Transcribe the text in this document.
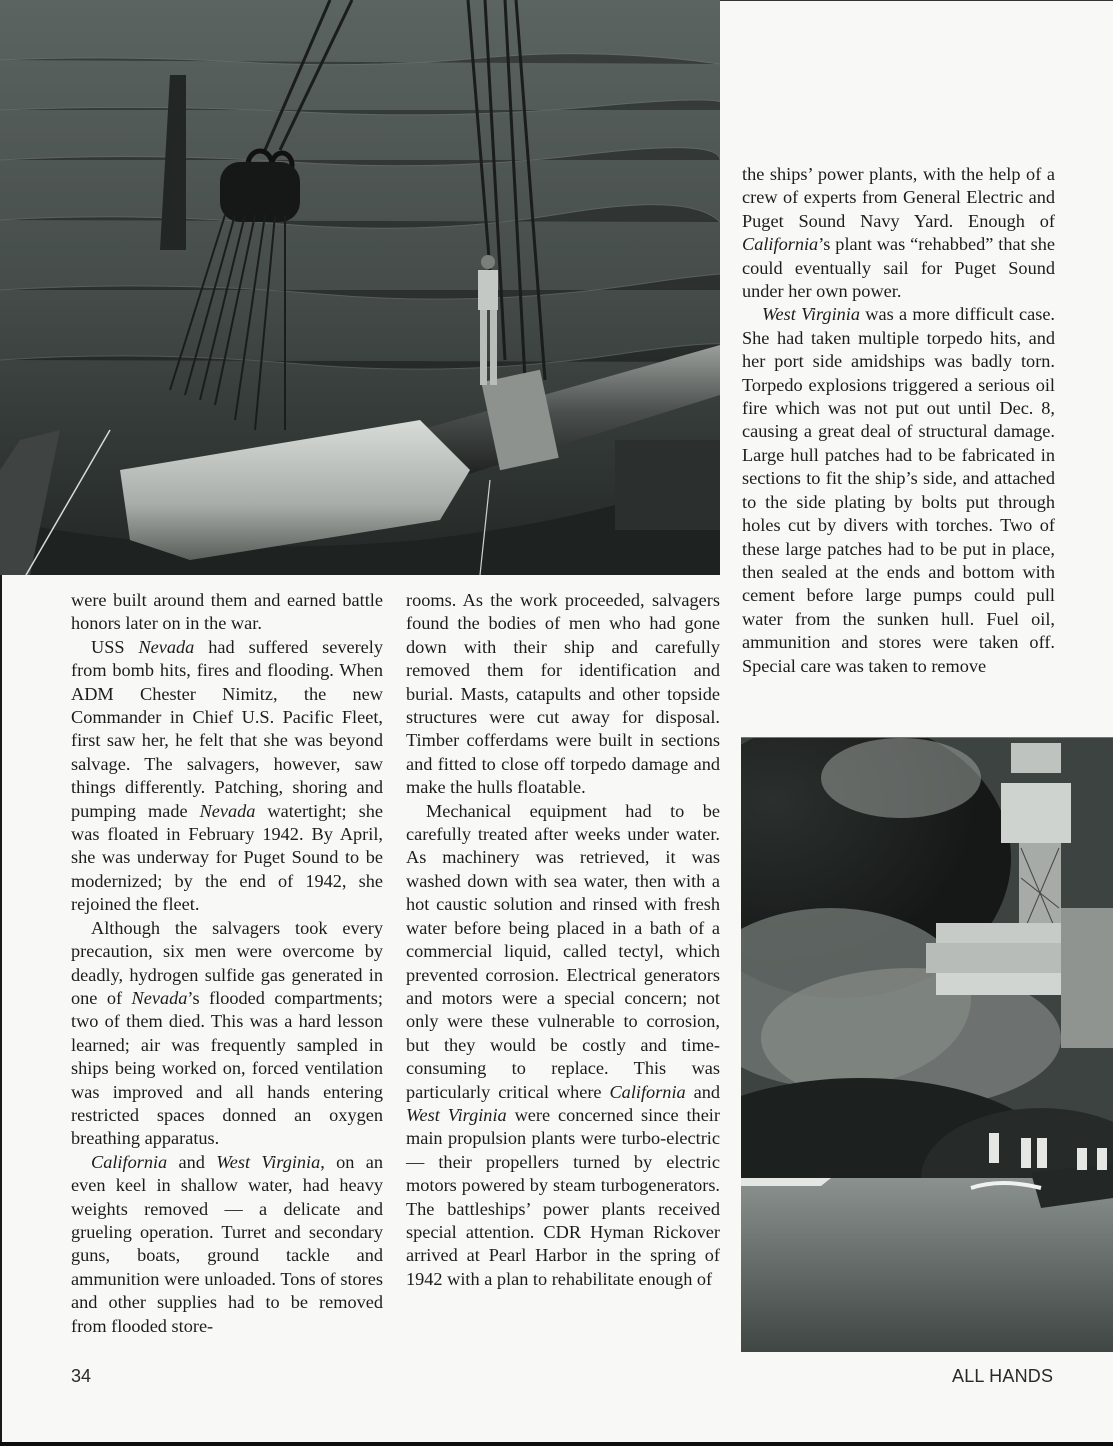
were built around them and earned battle honors later on in the war.

USS Nevada had suffered severely from bomb hits, fires and flooding. When ADM Chester Nimitz, the new Commander in Chief U.S. Pacific Fleet, first saw her, he felt that she was beyond salvage. The salvagers, however, saw things differently. Patching, shoring and pumping made Nevada watertight; she was floated in February 1942. By April, she was underway for Puget Sound to be modernized; by the end of 1942, she rejoined the fleet.

Although the salvagers took every precaution, six men were overcome by deadly, hydrogen sulfide gas generated in one of Nevada’s flooded compartments; two of them died. This was a hard lesson learned; air was frequently sampled in ships being worked on, forced ventilation was improved and all hands entering restricted spaces donned an oxygen breathing apparatus.

California and West Virginia, on an even keel in shallow water, had heavy weights removed — a delicate and grueling operation. Turret and secondary guns, boats, ground tackle and ammunition were unloaded. Tons of stores and other supplies had to be removed from flooded store-

rooms. As the work proceeded, salvagers found the bodies of men who had gone down with their ship and carefully removed them for identification and burial. Masts, catapults and other topside structures were cut away for disposal. Timber cofferdams were built in sections and fitted to close off torpedo damage and make the hulls floatable.

Mechanical equipment had to be carefully treated after weeks under water. As machinery was retrieved, it was washed down with sea water, then with a hot caustic solution and rinsed with fresh water before being placed in a bath of a commercial liquid, called tectyl, which prevented corrosion. Electrical generators and motors were a special concern; not only were these vulnerable to corrosion, but they would be costly and time-consuming to replace. This was particularly critical where California and West Virginia were concerned since their main propulsion plants were turbo-electric — their propellers turned by electric motors powered by steam turbogenerators. The battleships’ power plants received special attention. CDR Hyman Rickover arrived at Pearl Harbor in the spring of 1942 with a plan to rehabilitate enough of

the ships’ power plants, with the help of a crew of experts from General Electric and Puget Sound Navy Yard. Enough of California’s plant was “rehabbed” that she could eventually sail for Puget Sound under her own power.

West Virginia was a more difficult case. She had taken multiple torpedo hits, and her port side amidships was badly torn. Torpedo explosions triggered a serious oil fire which was not put out until Dec. 8, causing a great deal of structural damage. Large hull patches had to be fabricated in sections to fit the ship’s side, and attached to the side plating by bolts put through holes cut by divers with torches. Two of these large patches had to be put in place, then sealed at the ends and bottom with cement before large pumps could pull water from the sunken hull. Fuel oil, ammunition and stores were taken off. Special care was taken to remove

34	ALL HANDS
